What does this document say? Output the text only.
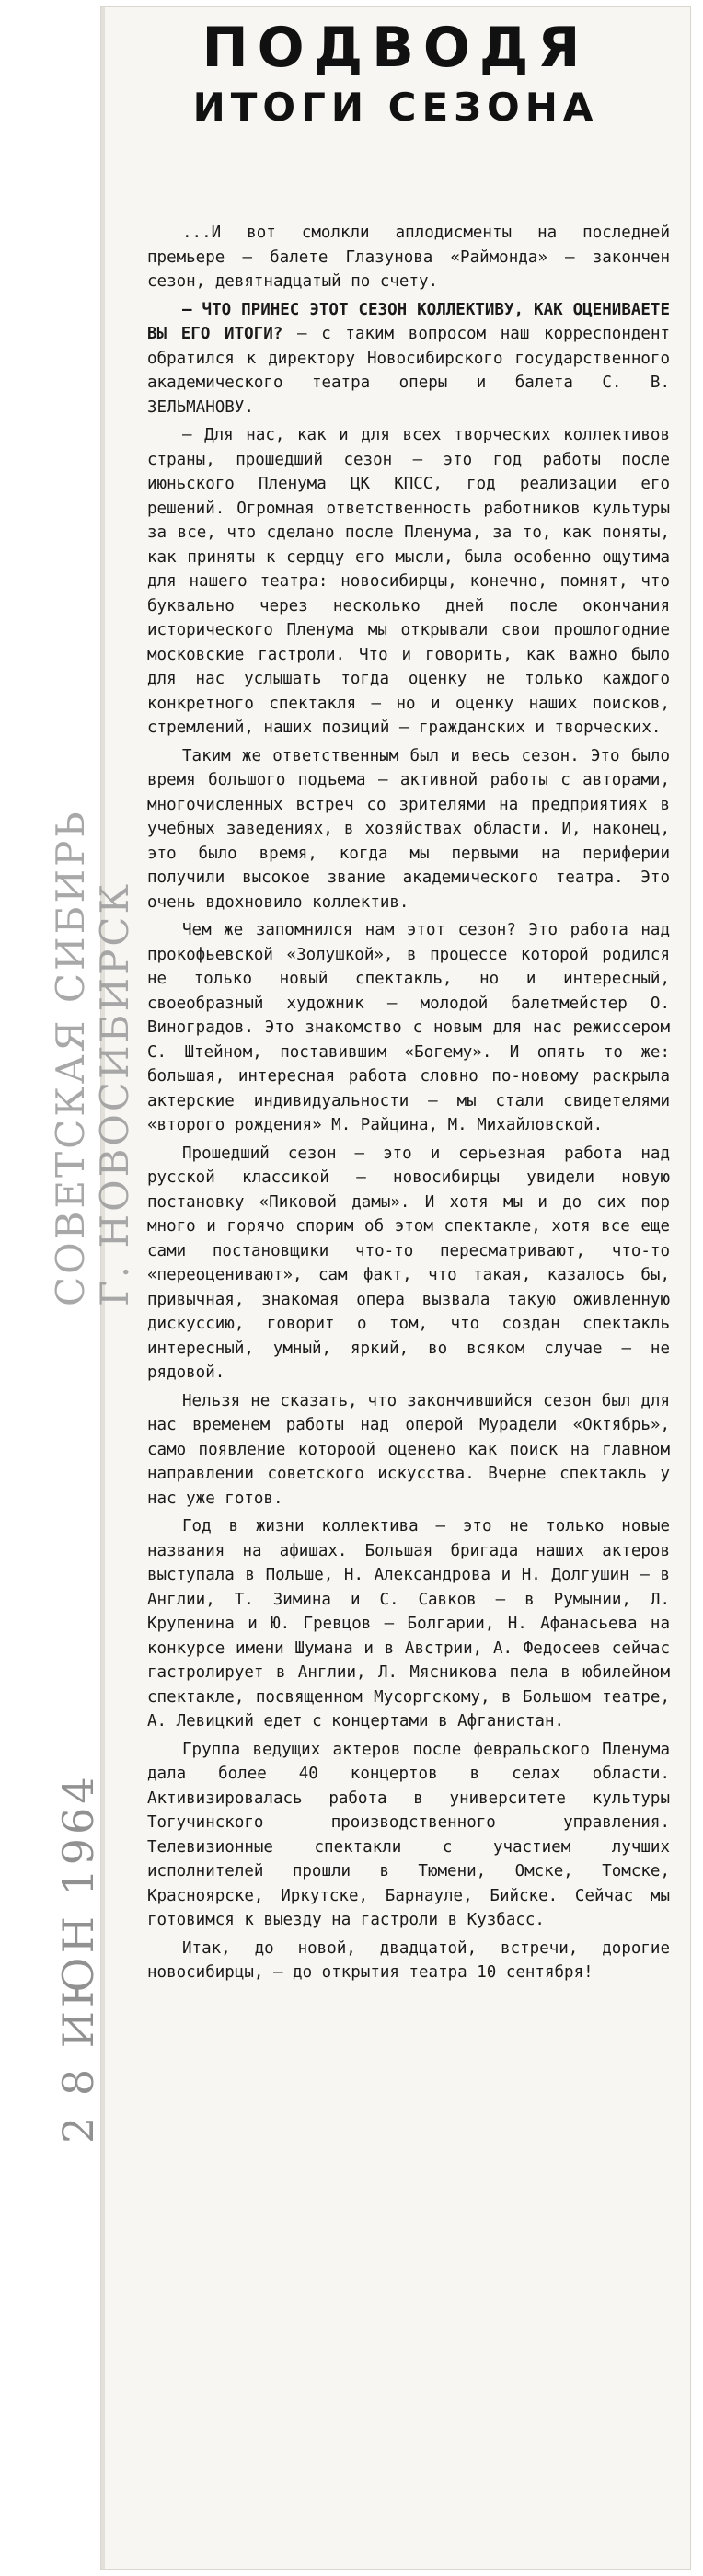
ПОДВОДЯ
ИТОГИ СЕЗОНА

...И вот смолкли аплодисменты на последней премьере — балете Глазунова «Раймонда» — закончен сезон, девятнадцатый по счету.

— ЧТО ПРИНЕС ЭТОТ СЕЗОН КОЛЛЕКТИВУ, КАК ОЦЕНИВАЕТЕ ВЫ ЕГО ИТОГИ? — с таким вопросом наш корреспондент обратился к директору Новосибирского государственного академического театра оперы и балета С. В. ЗЕЛЬМАНОВУ.

— Для нас, как и для всех творческих коллективов страны, прошедший сезон — это год работы после июньского Пленума ЦК КПСС, год реализации его решений. Огромная ответственность работников культуры за все, что сделано после Пленума, за то, как поняты, как приняты к сердцу его мысли, была особенно ощутима для нашего театра: новосибирцы, конечно, помнят, что буквально через несколько дней после окончания исторического Пленума мы открывали свои прошлогодние московские гастроли. Что и говорить, как важно было для нас услышать тогда оценку не только каждого конкретного спектакля — но и оценку наших поисков, стремлений, наших позиций — гражданских и творческих.

Таким же ответственным был и весь сезон. Это было время большого подъема — активной работы с авторами, многочисленных встреч со зрителями на предприятиях в учебных заведениях, в хозяйствах области. И, наконец, это было время, когда мы первыми на периферии получили высокое звание академического театра. Это очень вдохновило коллектив.

Чем же запомнился нам этот сезон? Это работа над прокофьевской «Золушкой», в процессе которой родился не только новый спектакль, но и интересный, своеобразный художник — молодой балетмейстер О. Виноградов. Это знакомство с новым для нас режиссером С. Штейном, поставившим «Богему». И опять то же: большая, интересная работа словно по-новому раскрыла актерские индивидуальности — мы стали свидетелями «второго рождения» М. Райцина, М. Михайловской.

Прошедший сезон — это и серьезная работа над русской классикой — новосибирцы увидели новую постановку «Пиковой дамы». И хотя мы и до сих пор много и горячо спорим об этом спектакле, хотя все еще сами постановщики что-то пересматривают, что-то «переоценивают», сам факт, что такая, казалось бы, привычная, знакомая опера вызвала такую оживленную дискуссию, говорит о том, что создан спектакль интересный, умный, яркий, во всяком случае — не рядовой.

Нельзя не сказать, что закончившийся сезон был для нас временем работы над оперой Мурадели «Октябрь», само появление котороой оценено как поиск на главном направлении советского искусства. Вчерне спектакль у нас уже готов.

Год в жизни коллектива — это не только новые названия на афишах. Большая бригада наших актеров выступала в Польше, Н. Александрова и Н. Долгушин — в Англии, Т. Зимина и С. Савков — в Румынии, Л. Крупенина и Ю. Гревцов — Болгарии, Н. Афанасьева на конкурсе имени Шумана и в Австрии, А. Федосеев сейчас гастролирует в Англии, Л. Мясникова пела в юбилейном спектакле, посвященном Мусоргскому, в Большом театре, А. Левицкий едет с концертами в Афганистан.

Группа ведущих актеров после февральского Пленума дала более 40 концертов в селах области. Активизировалась работа в университете культуры Тогучинского производственного управления. Телевизионные спектакли с участием лучших исполнителей прошли в Тюмени, Омске, Томске, Красноярске, Иркутске, Барнауле, Бийске. Сейчас мы готовимся к выезду на гастроли в Кузбасс.

Итак, до новой, двадцатой, встречи, дорогие новосибирцы, — до открытия театра 10 сентября!

СОВЕТСКАЯ СИБИРЬ Г. НОВОСИБИРСК
2 8 ИЮН 1964
